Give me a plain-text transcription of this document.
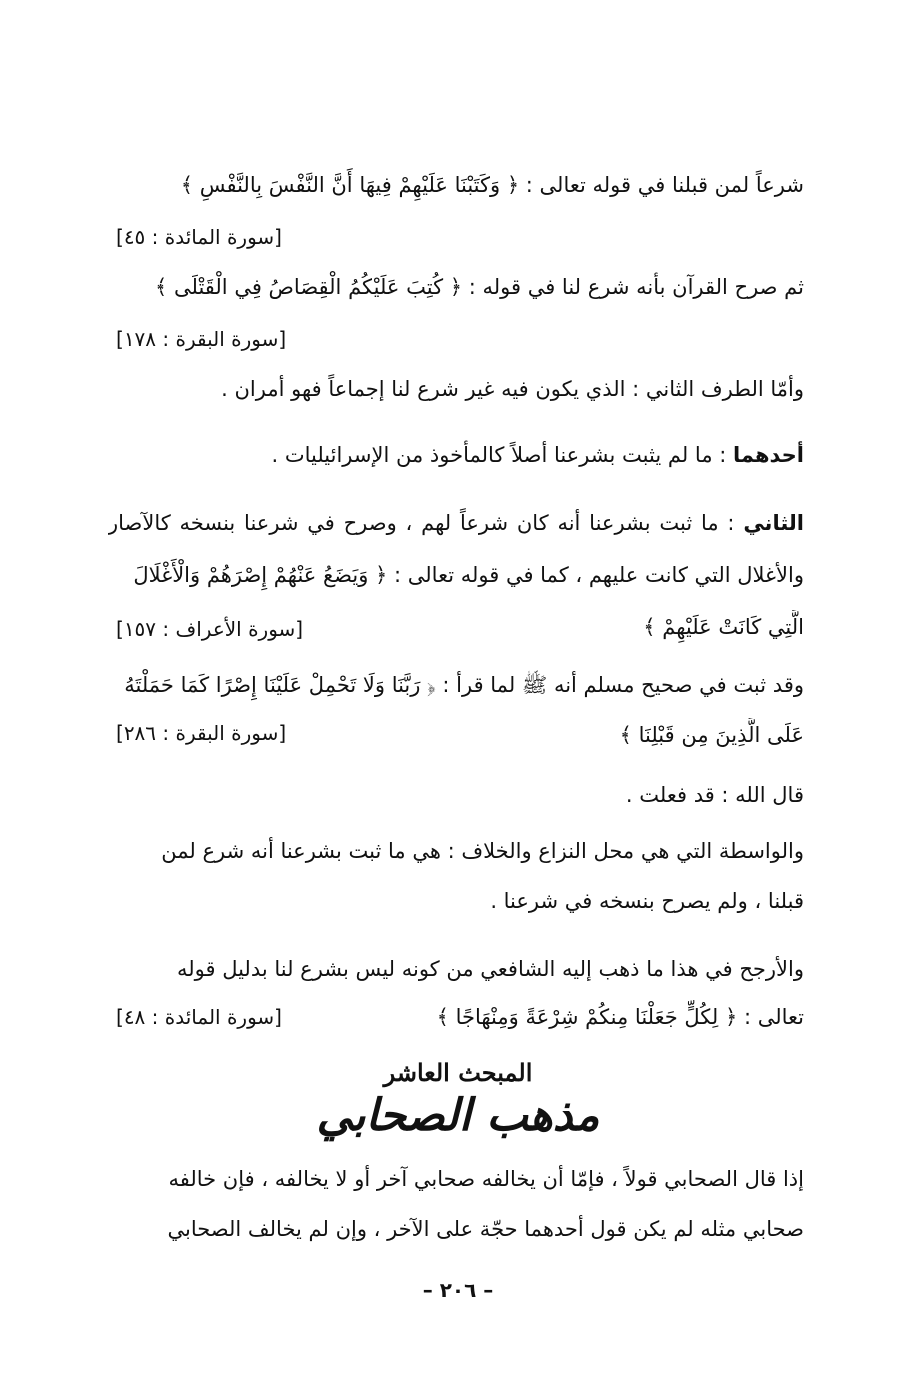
شرعاً لمن قبلنا في قوله تعالى : ﴿ وَكَتَبْنَا عَلَيْهِمْ فِيهَا أَنَّ النَّفْسَ بِالنَّفْسِ ﴾
[سورة المائدة : ٤٥]
ثم صرح القرآن بأنه شرع لنا في قوله : ﴿ كُتِبَ عَلَيْكُمُ الْقِصَاصُ فِي الْقَتْلَى ﴾
[سورة البقرة : ١٧٨]
وأمّا الطرف الثاني : الذي يكون فيه غير شرع لنا إجماعاً فهو أمران .
أحدهما : ما لم يثبت بشرعنا أصلاً كالمأخوذ من الإسرائيليات .
الثاني : ما ثبت بشرعنا أنه كان شرعاً لهم ، وصرح في شرعنا بنسخه كالآصار
والأغلال التي كانت عليهم ، كما في قوله تعالى : ﴿ وَيَضَعُ عَنْهُمْ إِصْرَهُمْ وَالْأَغْلَالَ
الَّتِي كَانَتْ عَلَيْهِمْ ﴾
[سورة الأعراف : ١٥٧]
وقد ثبت في صحيح مسلم أنه ﷺ لما قرأ : ﴿ رَبَّنَا وَلَا تَحْمِلْ عَلَيْنَا إِصْرًا كَمَا حَمَلْتَهُ
عَلَى الَّذِينَ مِن قَبْلِنَا ﴾
[سورة البقرة : ٢٨٦]
قال الله : قد فعلت .
والواسطة التي هي محل النزاع والخلاف : هي ما ثبت بشرعنا أنه شرع لمن
قبلنا ، ولم يصرح بنسخه في شرعنا .
والأرجح في هذا ما ذهب إليه الشافعي من كونه ليس بشرع لنا بدليل قوله
تعالى : ﴿ لِكُلٍّ جَعَلْنَا مِنكُمْ شِرْعَةً وَمِنْهَاجًا ﴾
[سورة المائدة : ٤٨]
المبحث العاشر
مذهب الصحابي
إذا قال الصحابي قولاً ، فإمّا أن يخالفه صحابي آخر أو لا يخالفه ، فإن خالفه
صحابي مثله لم يكن قول أحدهما حجّة على الآخر ، وإن لم يخالف الصحابي
– ٢٠٦ –
